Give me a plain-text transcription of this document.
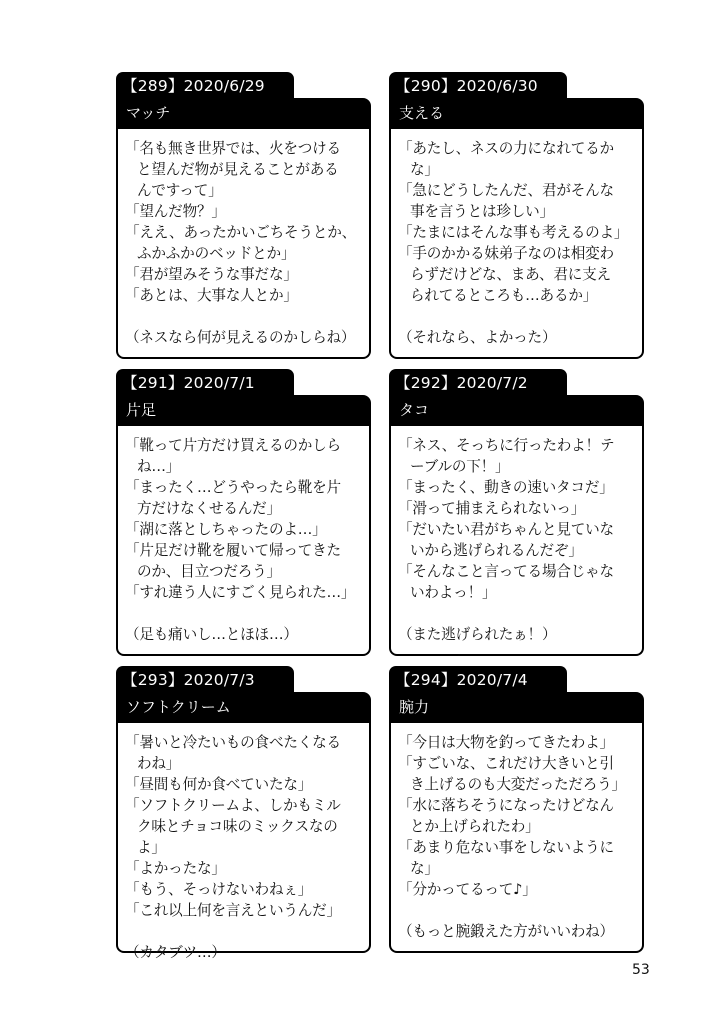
【289】2020/6/29
マッチ
「名も無き世界では、火をつける
と望んだ物が見えることがある
んですって」
「望んだ物？」
「ええ、あったかいごちそうとか、
ふかふかのベッドとか」
「君が望みそうな事だな」
「あとは、大事な人とか」
（ネスなら何が見えるのかしらね）
【290】2020/6/30
支える
「あたし、ネスの力になれてるか
な」
「急にどうしたんだ、君がそんな
事を言うとは珍しい」
「たまにはそんな事も考えるのよ」
「手のかかる妹弟子なのは相変わ
らずだけどな、まあ、君に支え
られてるところも…あるか」
（それなら、よかった）
【291】2020/7/1
片足
「靴って片方だけ買えるのかしら
ね…」
「まったく…どうやったら靴を片
方だけなくせるんだ」
「湖に落としちゃったのよ…」
「片足だけ靴を履いて帰ってきた
のか、目立つだろう」
「すれ違う人にすごく見られた…」
（足も痛いし…とほほ…）
【292】2020/7/2
タコ
「ネス、そっちに行ったわよ！テ
ーブルの下！」
「まったく、動きの速いタコだ」
「滑って捕まえられないっ」
「だいたい君がちゃんと見ていな
いから逃げられるんだぞ」
「そんなこと言ってる場合じゃな
いわよっ！」
（また逃げられたぁ！）
【293】2020/7/3
ソフトクリーム
「暑いと冷たいもの食べたくなる
わね」
「昼間も何か食べていたな」
「ソフトクリームよ、しかもミル
ク味とチョコ味のミックスなの
よ」
「よかったな」
「もう、そっけないわねぇ」
「これ以上何を言えというんだ」
（カタブツ…）
【294】2020/7/4
腕力
「今日は大物を釣ってきたわよ」
「すごいな、これだけ大きいと引
き上げるのも大変だっただろう」
「水に落ちそうになったけどなん
とか上げられたわ」
「あまり危ない事をしないように
な」
「分かってるって♪」
（もっと腕鍛えた方がいいわね）
53
